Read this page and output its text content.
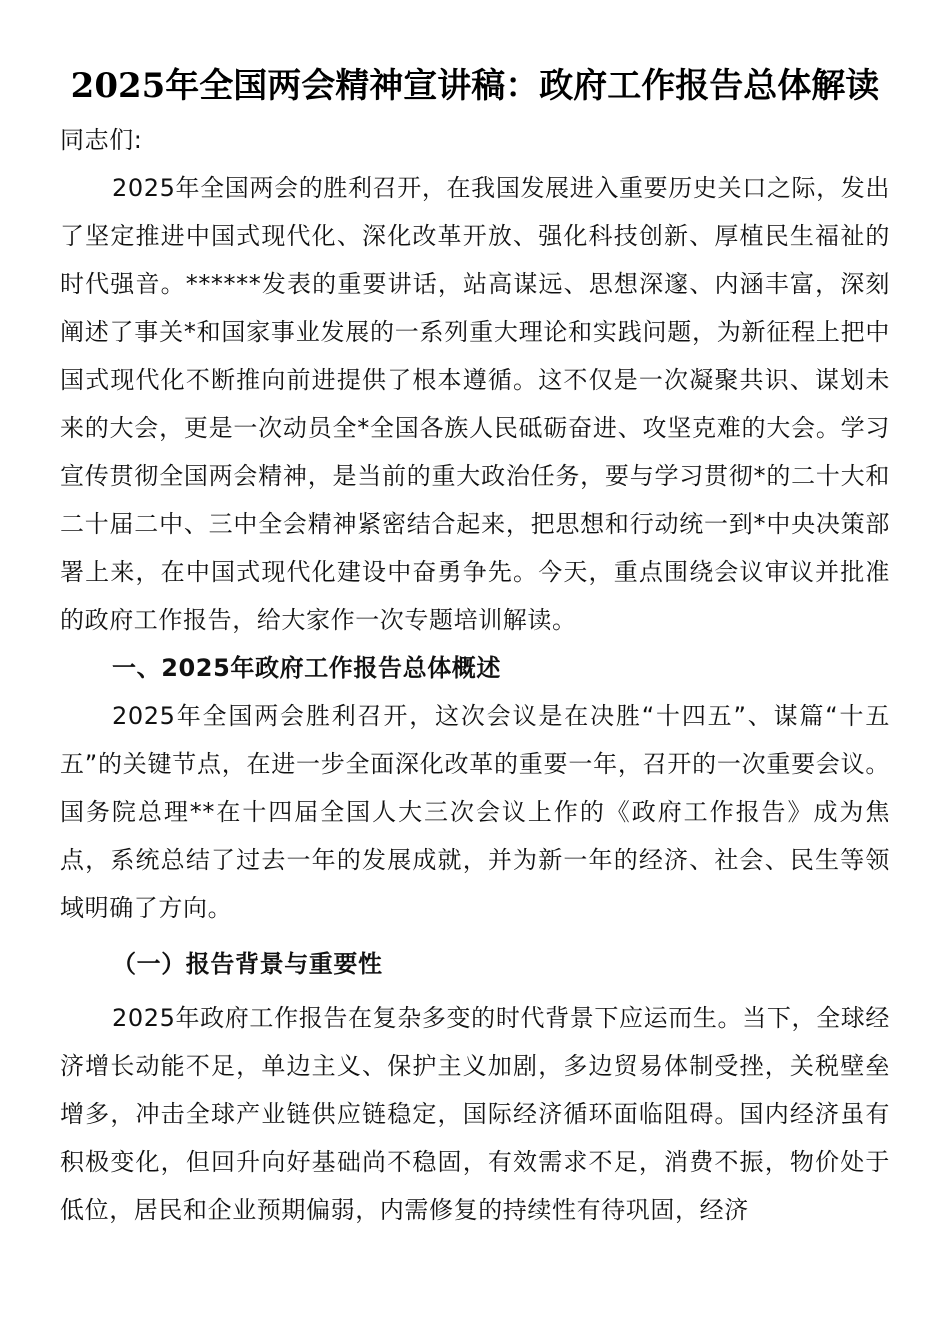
2025年全国两会精神宣讲稿：政府工作报告总体解读

同志们:

2025年全国两会的胜利召开，在我国发展进入重要历史关口之际，发出了坚定推进中国式现代化、深化改革开放、强化科技创新、厚植民生福祉的时代强音。******发表的重要讲话，站高谋远、思想深邃、内涵丰富，深刻阐述了事关*和国家事业发展的一系列重大理论和实践问题，为新征程上把中国式现代化不断推向前进提供了根本遵循。这不仅是一次凝聚共识、谋划未来的大会，更是一次动员全*全国各族人民砥砺奋进、攻坚克难的大会。学习宣传贯彻全国两会精神，是当前的重大政治任务，要与学习贯彻*的二十大和二十届二中、三中全会精神紧密结合起来，把思想和行动统一到*中央决策部署上来，在中国式现代化建设中奋勇争先。今天，重点围绕会议审议并批准的政府工作报告，给大家作一次专题培训解读。

一、2025年政府工作报告总体概述

2025年全国两会胜利召开，这次会议是在决胜“十四五”、谋篇“十五五”的关键节点，在进一步全面深化改革的重要一年，召开的一次重要会议。国务院总理**在十四届全国人大三次会议上作的《政府工作报告》成为焦点，系统总结了过去一年的发展成就，并为新一年的经济、社会、民生等领域明确了方向。

（一）报告背景与重要性

2025年政府工作报告在复杂多变的时代背景下应运而生。当下，全球经济增长动能不足，单边主义、保护主义加剧，多边贸易体制受挫，关税壁垒增多，冲击全球产业链供应链稳定，国际经济循环面临阻碍。国内经济虽有积极变化，但回升向好基础尚不稳固，有效需求不足，消费不振，物价处于低位，居民和企业预期偏弱，内需修复的持续性有待巩固，经济
